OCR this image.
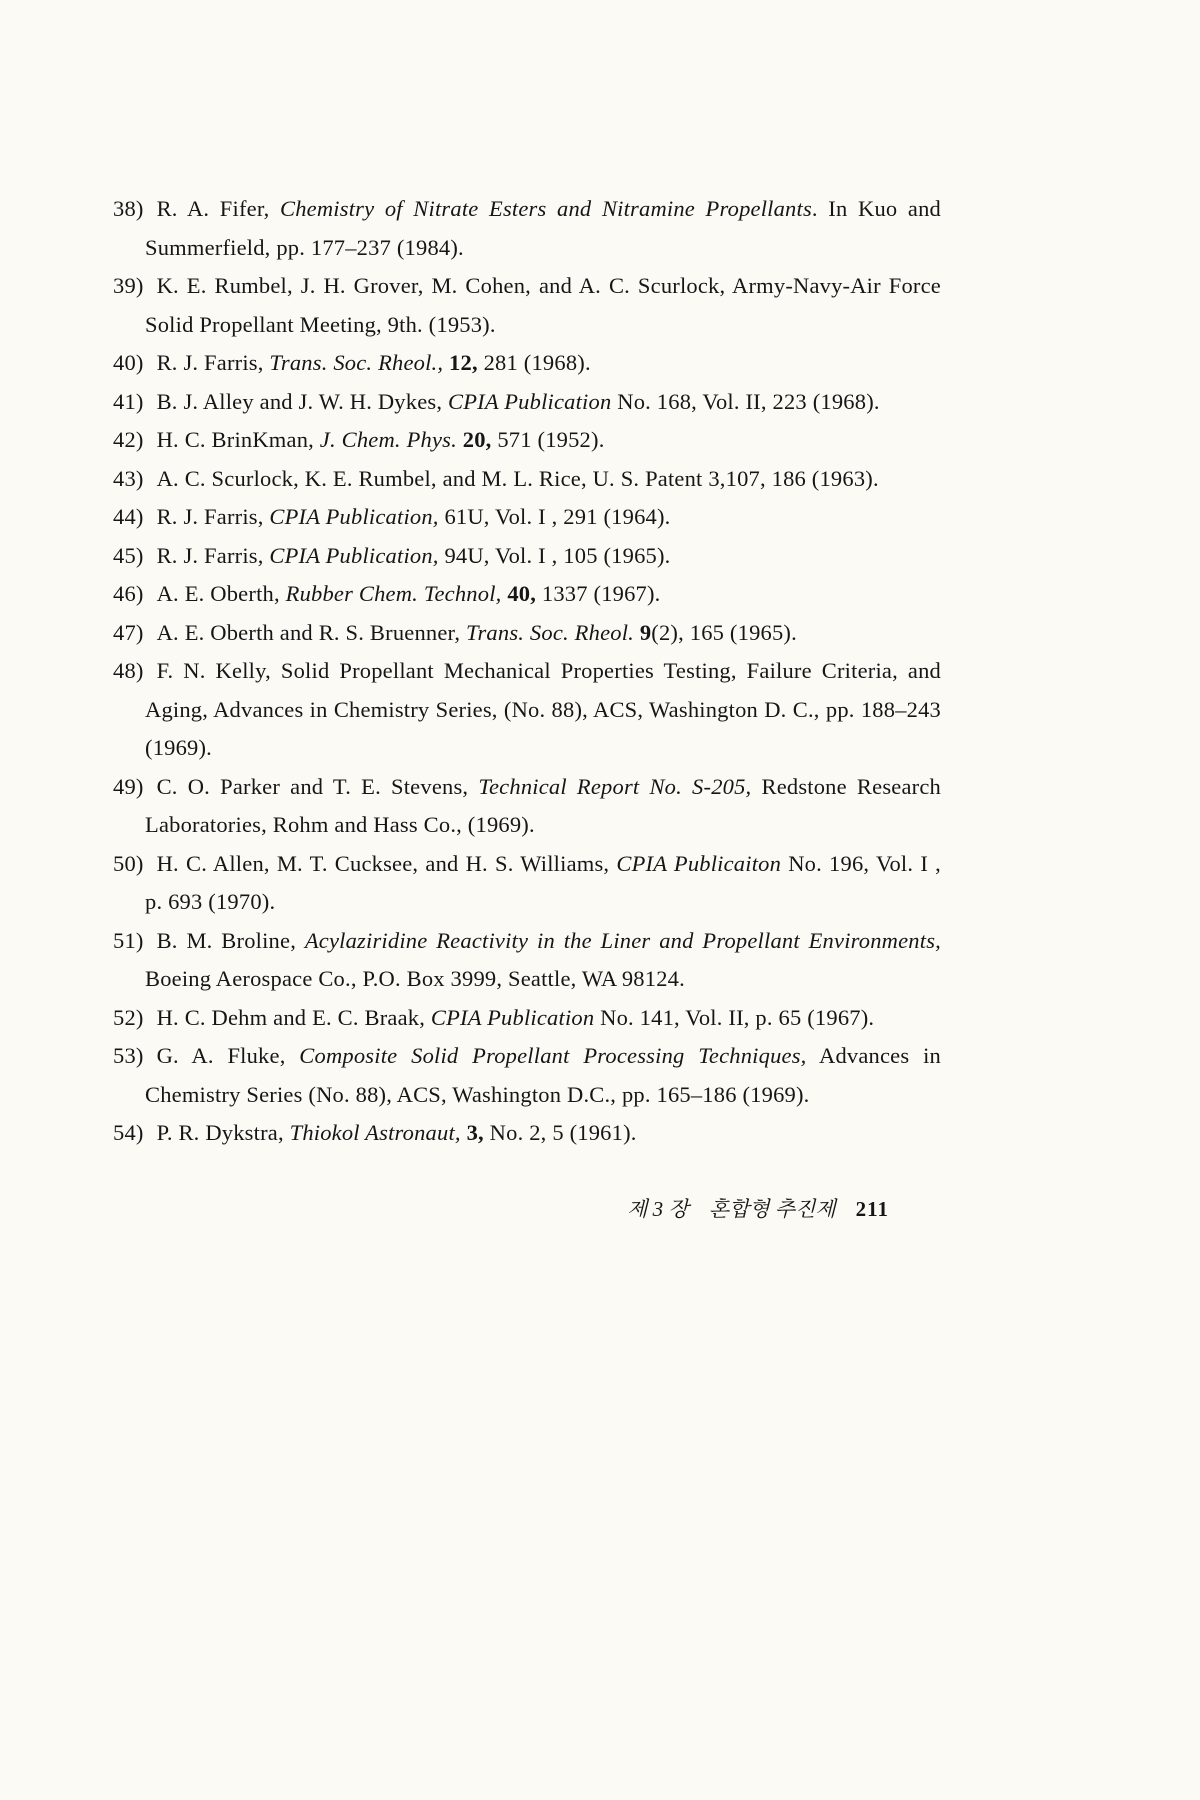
38) R. A. Fifer, Chemistry of Nitrate Esters and Nitramine Propellants. In Kuo and Summerfield, pp. 177–237 (1984).

39) K. E. Rumbel, J. H. Grover, M. Cohen, and A. C. Scurlock, Army-Navy-Air Force Solid Propellant Meeting, 9th. (1953).

40) R. J. Farris, Trans. Soc. Rheol., 12, 281 (1968).

41) B. J. Alley and J. W. H. Dykes, CPIA Publication No. 168, Vol. II, 223 (1968).

42) H. C. BrinKman, J. Chem. Phys. 20, 571 (1952).

43) A. C. Scurlock, K. E. Rumbel, and M. L. Rice, U. S. Patent 3,107, 186 (1963).

44) R. J. Farris, CPIA Publication, 61U, Vol. I , 291 (1964).

45) R. J. Farris, CPIA Publication, 94U, Vol. I , 105 (1965).

46) A. E. Oberth, Rubber Chem. Technol, 40, 1337 (1967).

47) A. E. Oberth and R. S. Bruenner, Trans. Soc. Rheol. 9(2), 165 (1965).

48) F. N. Kelly, Solid Propellant Mechanical Properties Testing, Failure Criteria, and Aging, Advances in Chemistry Series, (No. 88), ACS, Washington D. C., pp. 188–243 (1969).

49) C. O. Parker and T. E. Stevens, Technical Report No. S-205, Redstone Research Laboratories, Rohm and Hass Co., (1969).

50) H. C. Allen, M. T. Cucksee, and H. S. Williams, CPIA Publicaiton No. 196, Vol. I , p. 693 (1970).

51) B. M. Broline, Acylaziridine Reactivity in the Liner and Propellant Environments, Boeing Aerospace Co., P.O. Box 3999, Seattle, WA 98124.

52) H. C. Dehm and E. C. Braak, CPIA Publication No. 141, Vol. II, p. 65 (1967).

53) G. A. Fluke, Composite Solid Propellant Processing Techniques, Advances in Chemistry Series (No. 88), ACS, Washington D.C., pp. 165–186 (1969).

54) P. R. Dykstra, Thiokol Astronaut, 3, No. 2, 5 (1961).

제 3 장 혼합형 추진제 211
